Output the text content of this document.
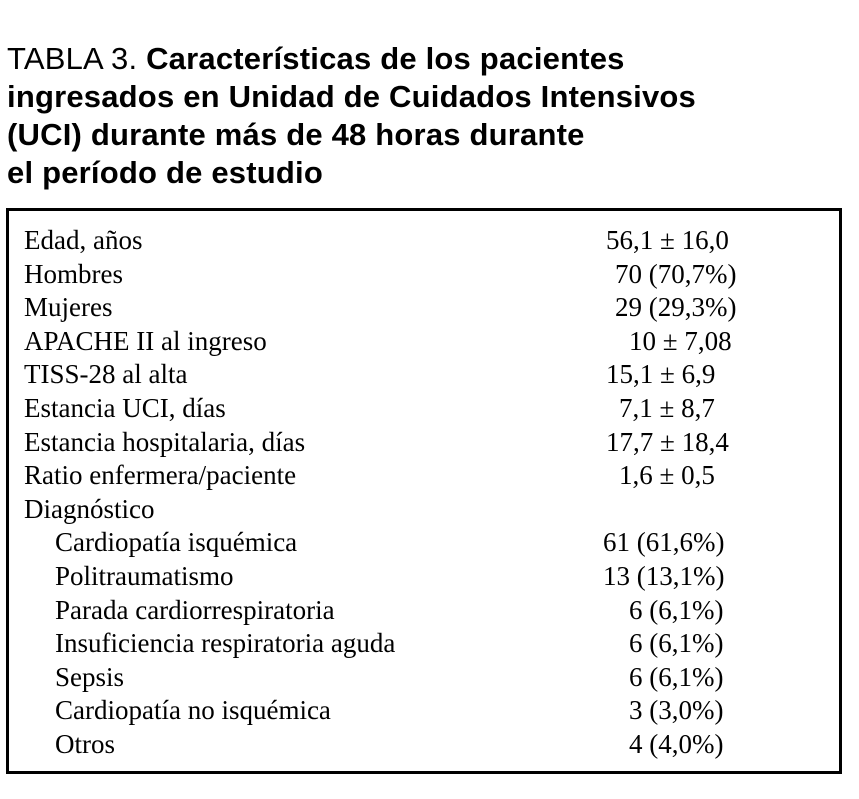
TABLA 3. Características de los pacientes
ingresados en Unidad de Cuidados Intensivos
(UCI) durante más de 48 horas durante
el período de estudio
Edad, años	56,1 ± 16,0
Hombres	70 (70,7%)
Mujeres	29 (29,3%)
APACHE II al ingreso	10 ± 7,08
TISS-28 al alta	15,1 ± 6,9
Estancia UCI, días	7,1 ± 8,7
Estancia hospitalaria, días	17,7 ± 18,4
Ratio enfermera/paciente	1,6 ± 0,5
Diagnóstico
Cardiopatía isquémica	61 (61,6%)
Politraumatismo	13 (13,1%)
Parada cardiorrespiratoria	6 (6,1%)
Insuficiencia respiratoria aguda	6 (6,1%)
Sepsis	6 (6,1%)
Cardiopatía no isquémica	3 (3,0%)
Otros	4 (4,0%)
